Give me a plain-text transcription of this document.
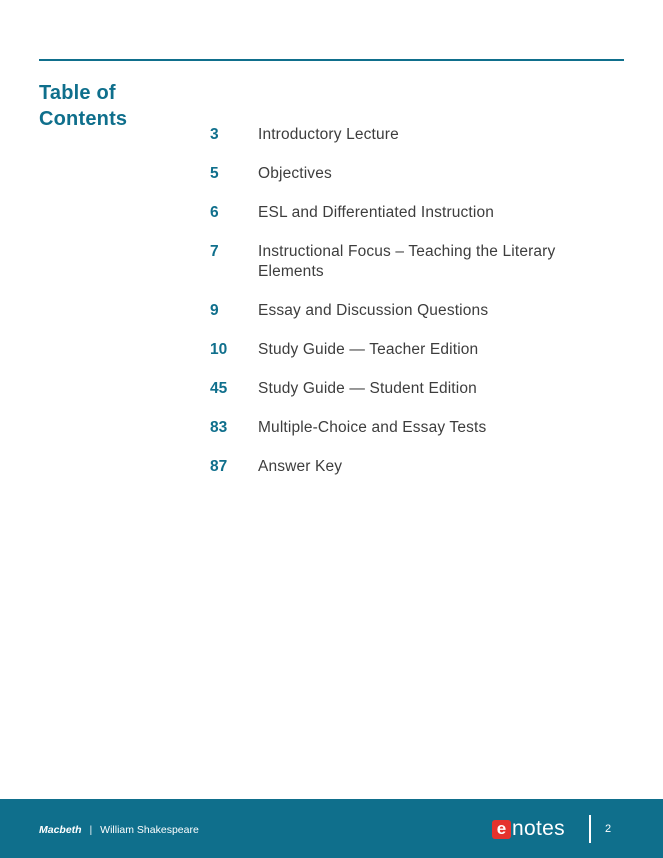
Table of Contents
3	Introductory Lecture
5	Objectives
6	ESL and Differentiated Instruction
7	Instructional Focus – Teaching the Literary Elements
9	Essay and Discussion Questions
10	Study Guide — Teacher Edition
45	Study Guide — Student Edition
83	Multiple-Choice and Essay Tests
87	Answer Key
Macbeth | William Shakespeare	e notes	2
